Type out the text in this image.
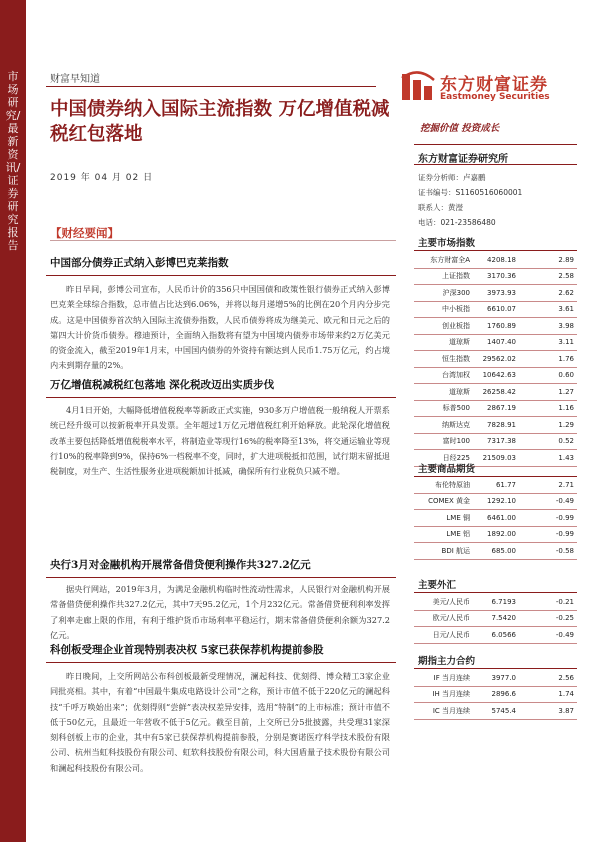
市场研究/最新资讯/证券研究报告
财富早知道
中国债券纳入国际主流指数 万亿增值税减税红包落地
2019 年 04 月 02 日
东方财富证券
Eastmoney Securities
挖掘价值 投资成长
东方财富证券研究所
证券分析师：卢嘉鹏
证书编号：S1160516060001
联系人：黄瀅
电话：021-23586480
主要市场指数
东方财富全A	4208.18	2.89
上证指数	3170.36	2.58
沪深300	3973.93	2.62
中小板指	6610.07	3.61
创业板指	1760.89	3.98
道琼斯	1407.40	3.11
恒生指数	29562.02	1.76
台湾加权	10642.63	0.60
道琼斯	26258.42	1.27
标普500	2867.19	1.16
纳斯达克	7828.91	1.29
富时100	7317.38	0.52
日经225	21509.03	1.43
主要商品期货
布伦特原油	61.77	2.71
COMEX 黄金	1292.10	-0.49
LME 铜	6461.00	-0.99
LME 铝	1892.00	-0.99
BDI 航运	685.00	-0.58
主要外汇
美元/人民币	6.7193	-0.21
欧元/人民币	7.5420	-0.25
日元/人民币	6.0566	-0.49
期指主力合约
IF 当月连续	3977.0	2.56
IH 当月连续	2896.6	1.74
IC 当月连续	5745.4	3.87
【财经要闻】
中国部分债券正式纳入彭博巴克莱指数
昨日早间，彭博公司宣布，人民币计价的356只中国国债和政策性银行债券正式纳入彭博巴克莱全球综合指数，总市值占比达到6.06%，并将以每月递增5%的比例在20个月内分步完成。这是中国债券首次纳入国际主流债券指数，人民币债券将成为继美元、欧元和日元之后的第四大计价货币债券。穆迪预计，全面纳入指数将有望为中国境内债券市场带来约2万亿美元的资金流入，截至2019年1月末，中国国内债券的外资持有额达到人民币1.75万亿元，约占境内未到期存量的2%。
万亿增值税减税红包落地 深化税改迈出实质步伐
4月1日开始，大幅降低增值税税率等新政正式实施，930多万户增值税一般纳税人开票系统已经升级可以按新税率开具发票。全年超过1万亿元增值税红利开始释放。此轮深化增值税改革主要包括降低增值税税率水平，将制造业等现行16%的税率降至13%，将交通运输业等现行10%的税率降到9%，保持6%一档税率不变，同时，扩大进项税抵扣范围，试行期末留抵退税制度，对生产、生活性服务业进项税额加计抵减，确保所有行业税负只减不增。
央行3月对金融机构开展常备借贷便利操作共327.2亿元
据央行网站，2019年3月，为满足金融机构临时性流动性需求，人民银行对金融机构开展常备借贷便利操作共327.2亿元，其中7天95.2亿元，1个月232亿元。常备借贷便利利率发挥了利率走廊上限的作用，有利于维护货币市场利率平稳运行，期末常备借贷便利余额为327.2亿元。
科创板受理企业首现特别表决权 5家已获保荐机构提前参股
昨日晚间，上交所网站公布科创板最新受理情况，澜起科技、优刻得、博众精工3家企业同批亮相。其中，有着“中国最牛集成电路设计公司”之称，预计市值不低于220亿元的澜起科技“千呼万唤始出来”；优刻得则“尝鲜”表决权差异安排，选用“特制”的上市标准；预计市值不低于50亿元，且最近一年营收不低于5亿元。截至目前，上交所已分5批披露，共受理31家深刻科创板上市的企业，其中有5家已获保荐机构提前参股，分别是赛诺医疗科学技术股份有限公司、杭州当虹科技股份有限公司、虹软科技股份有限公司，科大国盾量子技术股份有限公司和澜起科技股份有限公司。
